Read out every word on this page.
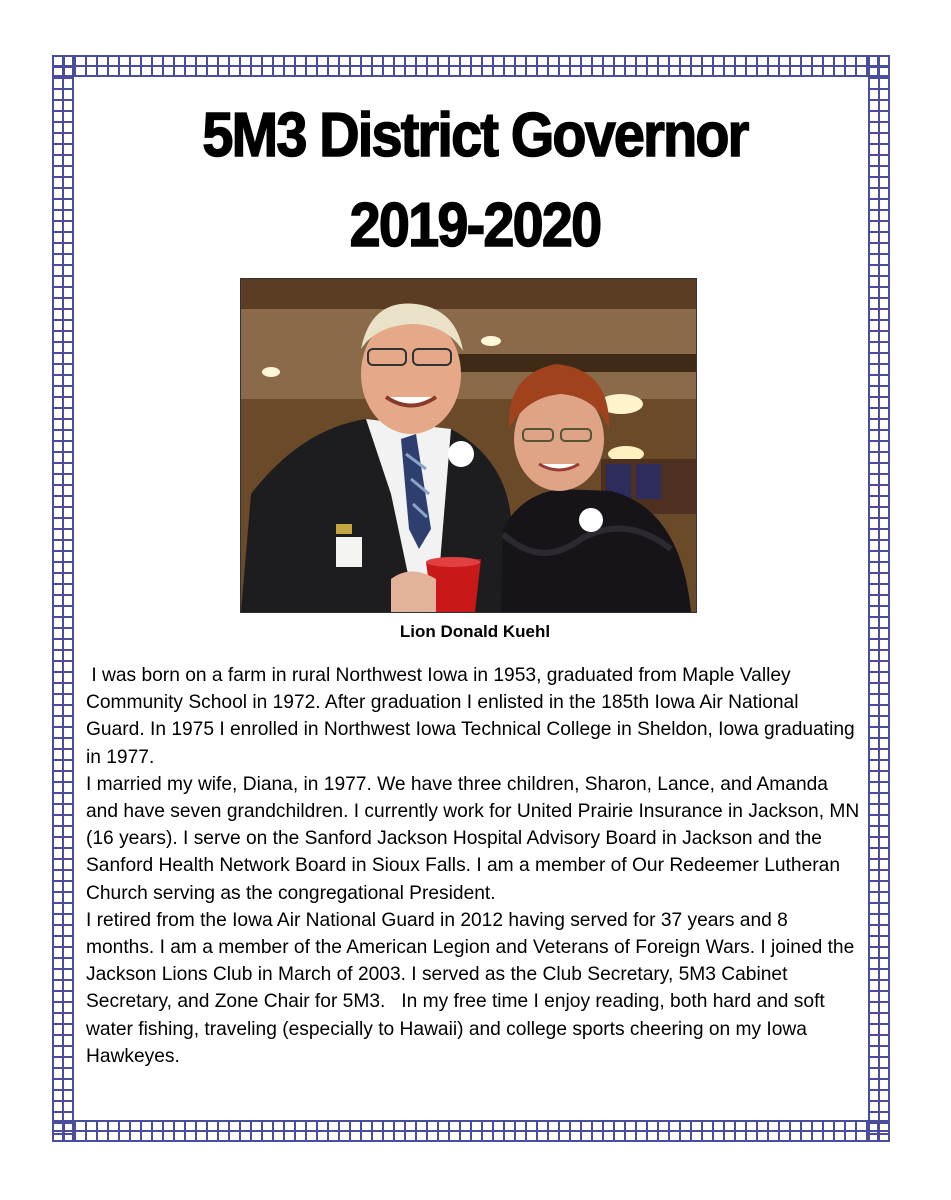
5M3 District Governor
2019-2020
Lion Donald Kuehl

I was born on a farm in rural Northwest Iowa in 1953, graduated from Maple Valley Community School in 1972. After graduation I enlisted in the 185th Iowa Air National Guard. In 1975 I enrolled in Northwest Iowa Technical College in Sheldon, Iowa graduating in 1977.

I married my wife, Diana, in 1977. We have three children, Sharon, Lance, and Amanda and have seven grandchildren. I currently work for United Prairie Insurance in Jackson, MN (16 years). I serve on the Sanford Jackson Hospital Advisory Board in Jackson and the Sanford Health Network Board in Sioux Falls. I am a member of Our Redeemer Lutheran Church serving as the congregational President.

I retired from the Iowa Air National Guard in 2012 having served for 37 years and 8 months. I am a member of the American Legion and Veterans of Foreign Wars. I joined the Jackson Lions Club in March of 2003. I served as the Club Secretary, 5M3 Cabinet Secretary, and Zone Chair for 5M3.   In my free time I enjoy reading, both hard and soft water fishing, traveling (especially to Hawaii) and college sports cheering on my Iowa Hawkeyes.
